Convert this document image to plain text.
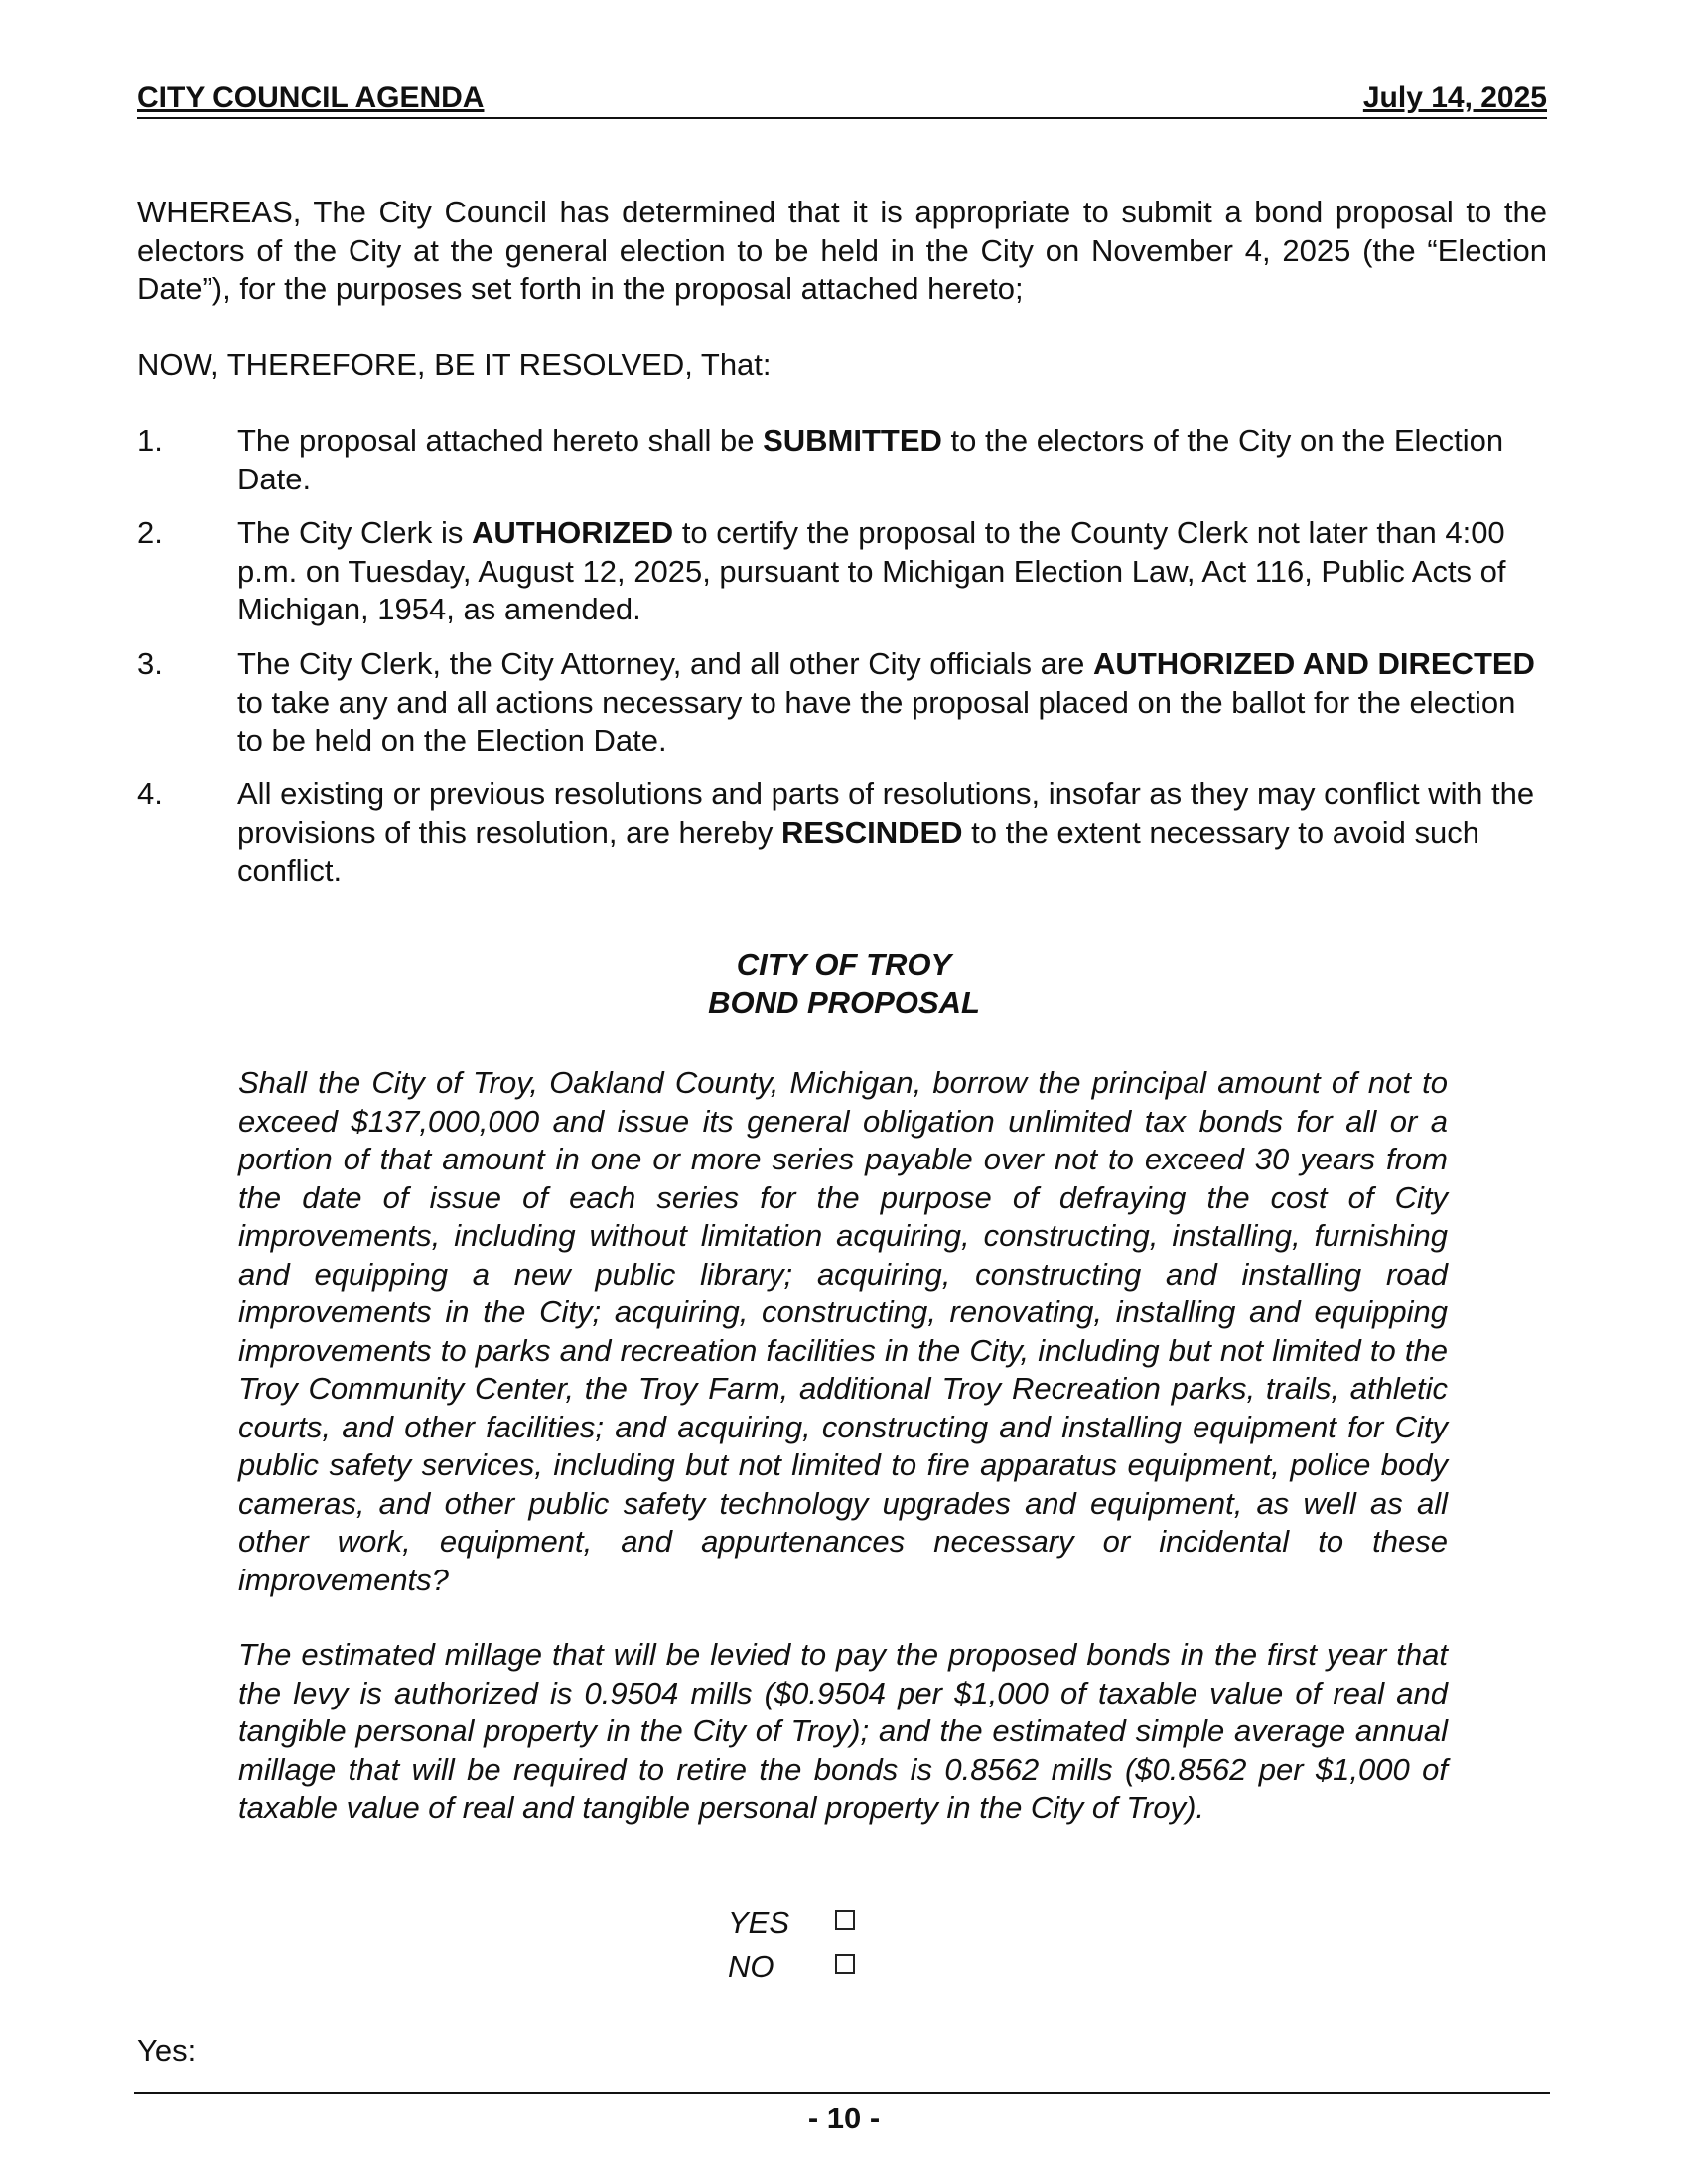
CITY COUNCIL AGENDA	July 14, 2025
WHEREAS, The City Council has determined that it is appropriate to submit a bond proposal to the electors of the City at the general election to be held in the City on November 4, 2025 (the “Election Date”), for the purposes set forth in the proposal attached hereto;
NOW, THEREFORE, BE IT RESOLVED, That:
1. The proposal attached hereto shall be SUBMITTED to the electors of the City on the Election Date.
2. The City Clerk is AUTHORIZED to certify the proposal to the County Clerk not later than 4:00 p.m. on Tuesday, August 12, 2025, pursuant to Michigan Election Law, Act 116, Public Acts of Michigan, 1954, as amended.
3. The City Clerk, the City Attorney, and all other City officials are AUTHORIZED AND DIRECTED to take any and all actions necessary to have the proposal placed on the ballot for the election to be held on the Election Date.
4. All existing or previous resolutions and parts of resolutions, insofar as they may conflict with the provisions of this resolution, are hereby RESCINDED to the extent necessary to avoid such conflict.
CITY OF TROY
BOND PROPOSAL
Shall the City of Troy, Oakland County, Michigan, borrow the principal amount of not to exceed $137,000,000 and issue its general obligation unlimited tax bonds for all or a portion of that amount in one or more series payable over not to exceed 30 years from the date of issue of each series for the purpose of defraying the cost of City improvements, including without limitation acquiring, constructing, installing, furnishing and equipping a new public library; acquiring, constructing and installing road improvements in the City; acquiring, constructing, renovating, installing and equipping improvements to parks and recreation facilities in the City, including but not limited to the Troy Community Center, the Troy Farm, additional Troy Recreation parks, trails, athletic courts, and other facilities; and acquiring, constructing and installing equipment for City public safety services, including but not limited to fire apparatus equipment, police body cameras, and other public safety technology upgrades and equipment, as well as all other work, equipment, and appurtenances necessary or incidental to these improvements?
The estimated millage that will be levied to pay the proposed bonds in the first year that the levy is authorized is 0.9504 mills ($0.9504 per $1,000 of taxable value of real and tangible personal property in the City of Troy); and the estimated simple average annual millage that will be required to retire the bonds is 0.8562 mills ($0.8562 per $1,000 of taxable value of real and tangible personal property in the City of Troy).
YES
NO
Yes:
- 10 -
